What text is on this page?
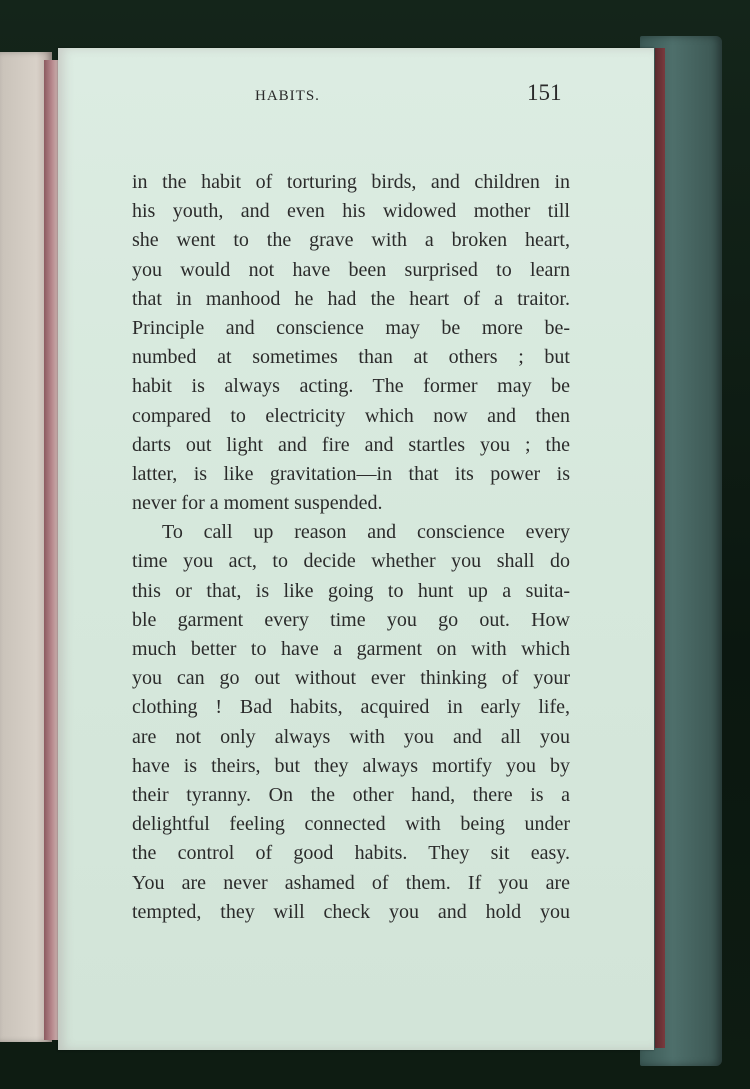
HABITS.	151
in the habit of torturing birds, and children in
his youth, and even his widowed mother till
she went to the grave with a broken heart,
you would not have been surprised to learn
that in manhood he had the heart of a traitor.
Principle and conscience may be more be-
numbed at sometimes than at others ; but
habit is always acting. The former may be
compared to electricity which now and then
darts out light and fire and startles you ; the
latter, is like gravitation—in that its power is
never for a moment suspended.
To call up reason and conscience every
time you act, to decide whether you shall do
this or that, is like going to hunt up a suita-
ble garment every time you go out. How
much better to have a garment on with which
you can go out without ever thinking of your
clothing ! Bad habits, acquired in early life,
are not only always with you and all you
have is theirs, but they always mortify you by
their tyranny. On the other hand, there is a
delightful feeling connected with being under
the control of good habits. They sit easy.
You are never ashamed of them. If you are
tempted, they will check you and hold you
